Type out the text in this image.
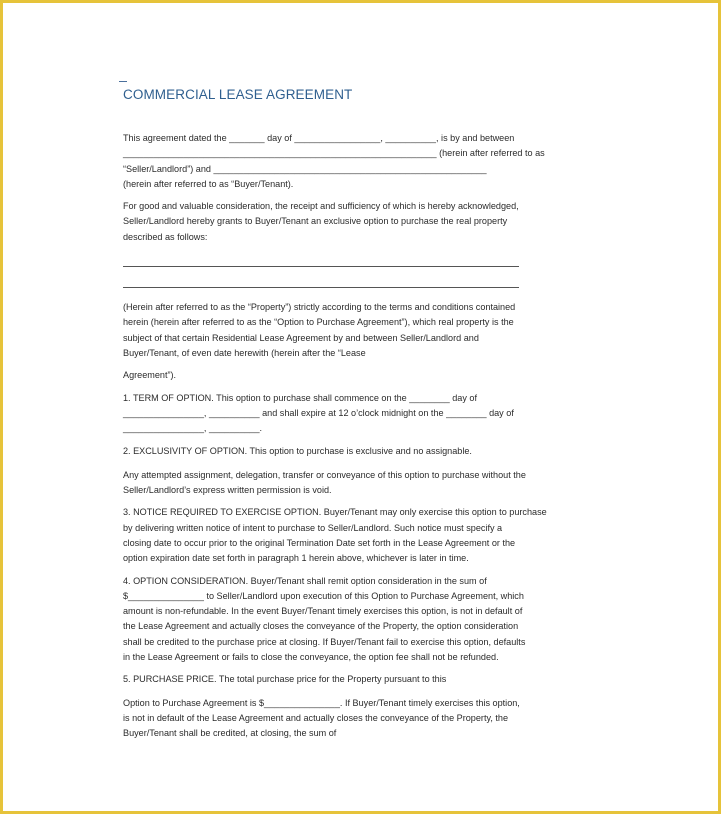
COMMERCIAL LEASE AGREEMENT
This agreement dated the _______ day of _________________, __________, is by and between
______________________________________________________________ (herein after referred to as
“Seller/Landlord”) and ______________________________________________________
(herein after referred to as “Buyer/Tenant).
For good and valuable consideration, the receipt and sufficiency of which is hereby acknowledged,
Seller/Landlord hereby grants to Buyer/Tenant an exclusive option to purchase the real property
described as follows:
(Herein after referred to as the “Property”) strictly according to the terms and conditions contained
herein (herein after referred to as the “Option to Purchase Agreement”), which real property is the
subject of that certain Residential Lease Agreement by and between Seller/Landlord and
Buyer/Tenant, of even date herewith (herein after the “Lease
Agreement”).
1. TERM OF OPTION. This option to purchase shall commence on the ________ day of
________________, __________ and shall expire at 12 o’clock midnight on the ________ day of
________________, __________.
2. EXCLUSIVITY OF OPTION. This option to purchase is exclusive and no assignable.
Any attempted assignment, delegation, transfer or conveyance of this option to purchase without the
Seller/Landlord’s express written permission is void.
3. NOTICE REQUIRED TO EXERCISE OPTION. Buyer/Tenant may only exercise this option to purchase
by delivering written notice of intent to purchase to Seller/Landlord. Such notice must specify a
closing date to occur prior to the original Termination Date set forth in the Lease Agreement or the
option expiration date set forth in paragraph 1 herein above, whichever is later in time.
4. OPTION CONSIDERATION. Buyer/Tenant shall remit option consideration in the sum of
$_______________ to Seller/Landlord upon execution of this Option to Purchase Agreement, which
amount is non-refundable. In the event Buyer/Tenant timely exercises this option, is not in default of
the Lease Agreement and actually closes the conveyance of the Property, the option consideration
shall be credited to the purchase price at closing. If Buyer/Tenant fail to exercise this option, defaults
in the Lease Agreement or fails to close the conveyance, the option fee shall not be refunded.
5. PURCHASE PRICE. The total purchase price for the Property pursuant to this
Option to Purchase Agreement is $_______________. If Buyer/Tenant timely exercises this option,
is not in default of the Lease Agreement and actually closes the conveyance of the Property, the
Buyer/Tenant shall be credited, at closing, the sum of
